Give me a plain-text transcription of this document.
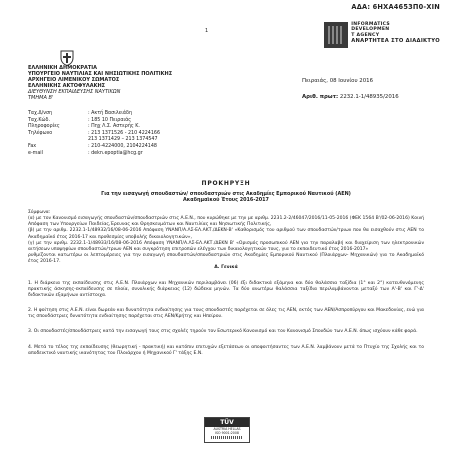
ΑΔΑ: 6ΗΧΑ4653Π0-ΧΙΝ
1
INFORMATICS
DEVELOPMEN
T AGENCY
ΑΝΑΡΤΗΤΕΑ ΣΤΟ ΔΙΑΔΙΚΤΥΟ
ΕΛΛΗΝΙΚΗ ΔΗΜΟΚΡΑΤΙΑ
ΥΠΟΥΡΓΕΙΟ ΝΑΥΤΙΛΙΑΣ ΚΑΙ ΝΗΣΙΩΤΙΚΗΣ ΠΟΛΙΤΙΚΗΣ
ΑΡΧΗΓΕΙΟ ΛΙΜΕΝΙΚΟΥ ΣΩΜΑΤΟΣ
ΕΛΛΗΝΙΚΗΣ ΑΚΤΟΦΥΛΑΚΗΣ
ΔΙΕΥΘΥΝΣΗ ΕΚΠΑΙΔΕΥΣΗΣ ΝΑΥΤΙΚΩΝ
ΤΜΗΜΑ Β'
Πειραιάς, 08 Ιουνίου 2016
Αριθ. πρωτ: 2232.1-1/48935/2016
Ταχ.Δ/νση	: Ακτή Βασιλειάδη
Ταχ.Κώδ.	: 185 10 Πειραιάς
Πληροφορίες	: Πηχ Λ.Σ. Αστερής Κ.
Τηλέφωνο	: 213 1371526 - 210 4224166
213 1371429 – 213 1374547
Fax	: 210-4224000, 2104224148
e-mail	: dekn.epoptia@hcg.gr
ΠΡΟΚΗΡΥΞΗ
Για την εισαγωγή σπουδαστών/ σπουδαστριών στις Ακαδημίες Εμπορικού Ναυτικού (ΑΕΝ)
Ακαδημαϊκού Έτους 2016-2017

Σύμφωνα:

(α) με τον Κανονισμό εισαγωγής σπουδαστών/σπουδαστριών στις Α.Ε.Ν., που κυρώθηκε με την με αριθμ. 2231.2-2/46047/2016/11-05-2016 (ΦΕΚ 1564 Β'/02-06-2016) Κοινή Απόφαση των Υπουργείων Παιδείας,Έρευνας και Θρησκευμάτων και Ναυτιλίας και Νησιωτικής Πολιτικής,

(β) με την αριθμ. 2232.1-1/48932/16/08-06-2016 Απόφαση ΥΝΑΝΠ/Α.ΛΣ-ΕΛ.ΑΚΤ./ΔΕΚΝ-Β' «Καθορισμός του αριθμού των σπουδαστών/τριων που θα εισαχθούν στις ΑΕΝ το Ακαδημαϊκό έτος 2016-17 και προθεσμίες υποβολής δικαιολογητικών»,

(γ) με την αριθμ. 2232.1-1/48933/16/08-06-2016 Απόφαση ΥΝΑΝΠ/Α.ΛΣ-ΕΛ.ΑΚΤ./ΔΕΚΝ Β' «Ορισμός προσωπικού ΑΕΝ για την παραλαβή και διαχείριση των ηλεκτρονικών αιτήσεων υποψηφίων σπουδαστών/τριων ΑΕΝ και συγκρότηση επιτροπών ελέγχου των δικαιολογητικών τους, για το εκπαιδευτικό έτος 2016-2017»

ρυθμίζονται κατωτέρω οι λεπτομέρειες για την εισαγωγή σπουδαστών/σπουδαστριών στις Ακαδημίες Εμπορικού Ναυτικού (Πλοιάρχων- Μηχανικών) για το Ακαδημαϊκό έτος 2016-17.

Α. Γενικά

1. Η διάρκεια της εκπαίδευσης στις Α.Ε.Ν. Πλοιάρχων και Μηχανικών περιλαμβάνει (06) έξι διδακτικά εξάμηνα και δύο θαλάσσια ταξίδια (1° και 2°) κατευθυνόμενης πρακτικής άσκησης-εκπαίδευσης σε πλοία, συνολικής διάρκειας (12) δώδεκα μηνών. Τα δύο ανωτέρω θαλάσσια ταξίδια περιλαμβάνονται μεταξύ των Α'-Β' και Γ'-Δ' διδακτικών εξαμήνων αντίστοιχα.

2. Η φοίτηση στις Α.Ε.Ν. είναι δωρεάν και δυνατότητα ενδιαίτησης για τους σπουδαστές παρέχεται σε όλες τις ΑΕΝ, εκτός των ΑΕΝ/Ασπροπύργου και Μακεδονίας, ενώ για τις σπουδάστριες δυνατότητα ενδιαίτησης παρέχεται στις ΑΕΝ/Κρήτης και Ηπείρου.

3. Οι σπουδαστές/σπουδάστριες κατά την εισαγωγή τους στις σχολές τηρούν τον Εσωτερικό Κανονισμό και τον Κανονισμό Σπουδών των Α.Ε.Ν. όπως ισχύουν κάθε φορά.

4. Μετά το τέλος της εκπαίδευσης (θεωρητική - πρακτική) και κατόπιν επιτυχών εξετάσεων οι αποφοιτήσαντες των Α.Ε.Ν. λαμβάνουν μετά το Πτυχίο της Σχολής και το αποδεικτικό ναυτικής ικανότητας του Πλοιάρχου ή Μηχανικού Γ' τάξης Ε.Ν.

TÜV
AUSTRIA HELLAS
ISO 9001:2008
